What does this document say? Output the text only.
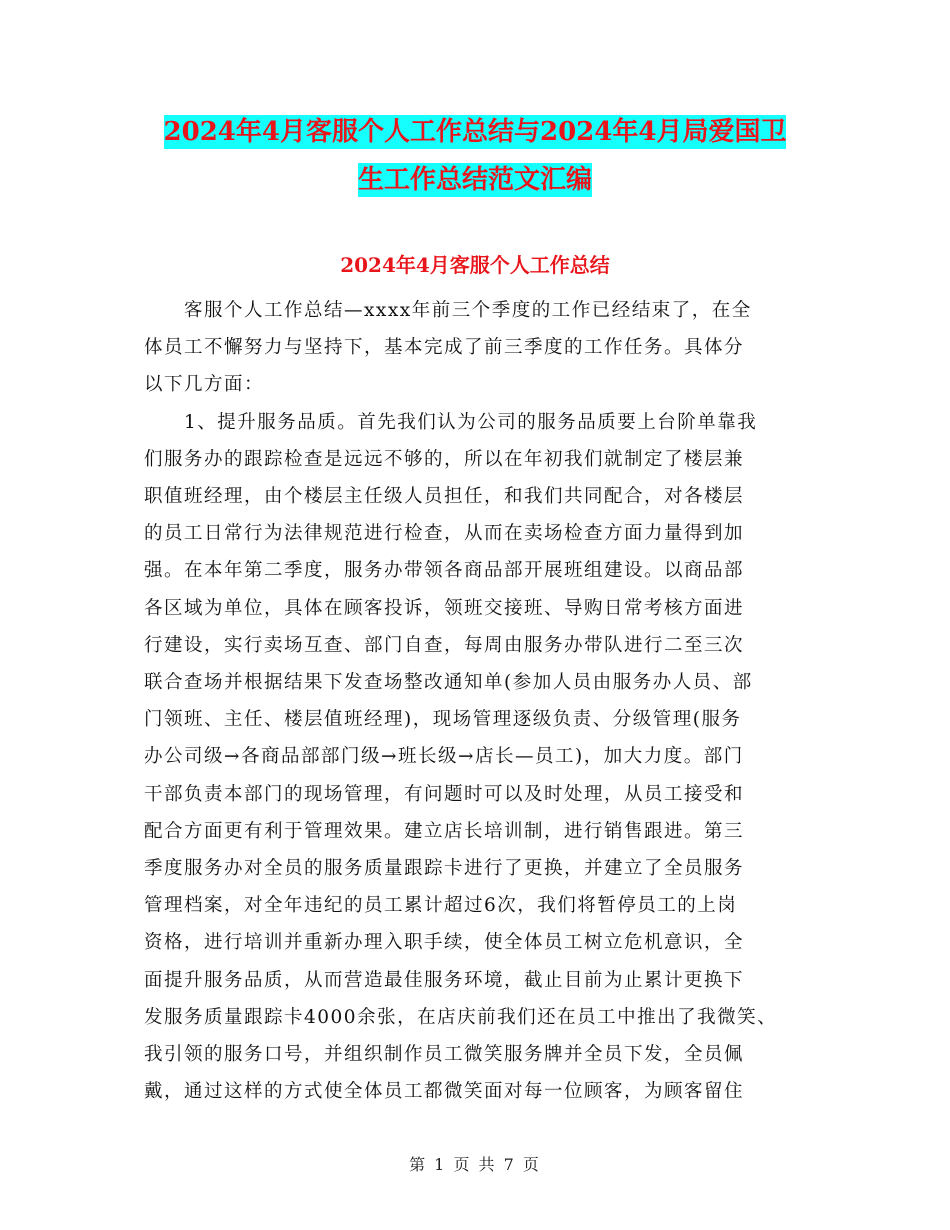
2024年4月客服个人工作总结与2024年4月局爱国卫
生工作总结范文汇编
2024年4月客服个人工作总结
客服个人工作总结—xxxx年前三个季度的工作已经结束了，在全
体员工不懈努力与坚持下，基本完成了前三季度的工作任务。具体分
以下几方面：
1、提升服务品质。首先我们认为公司的服务品质要上台阶单靠我
们服务办的跟踪检查是远远不够的，所以在年初我们就制定了楼层兼
职值班经理，由个楼层主任级人员担任，和我们共同配合，对各楼层
的员工日常行为法律规范进行检查，从而在卖场检查方面力量得到加
强。在本年第二季度，服务办带领各商品部开展班组建设。以商品部
各区域为单位，具体在顾客投诉，领班交接班、导购日常考核方面进
行建设，实行卖场互查、部门自查，每周由服务办带队进行二至三次
联合查场并根据结果下发查场整改通知单(参加人员由服务办人员、部
门领班、主任、楼层值班经理)，现场管理逐级负责、分级管理(服务
办公司级→各商品部部门级→班长级→店长—员工)，加大力度。部门
干部负责本部门的现场管理，有问题时可以及时处理，从员工接受和
配合方面更有利于管理效果。建立店长培训制，进行销售跟进。第三
季度服务办对全员的服务质量跟踪卡进行了更换，并建立了全员服务
管理档案，对全年违纪的员工累计超过6次，我们将暂停员工的上岗
资格，进行培训并重新办理入职手续，使全体员工树立危机意识，全
面提升服务品质，从而营造最佳服务环境，截止目前为止累计更换下
发服务质量跟踪卡4000余张，在店庆前我们还在员工中推出了我微笑、
我引领的服务口号，并组织制作员工微笑服务牌并全员下发，全员佩
戴，通过这样的方式使全体员工都微笑面对每一位顾客，为顾客留住
第 1 页 共 7 页
